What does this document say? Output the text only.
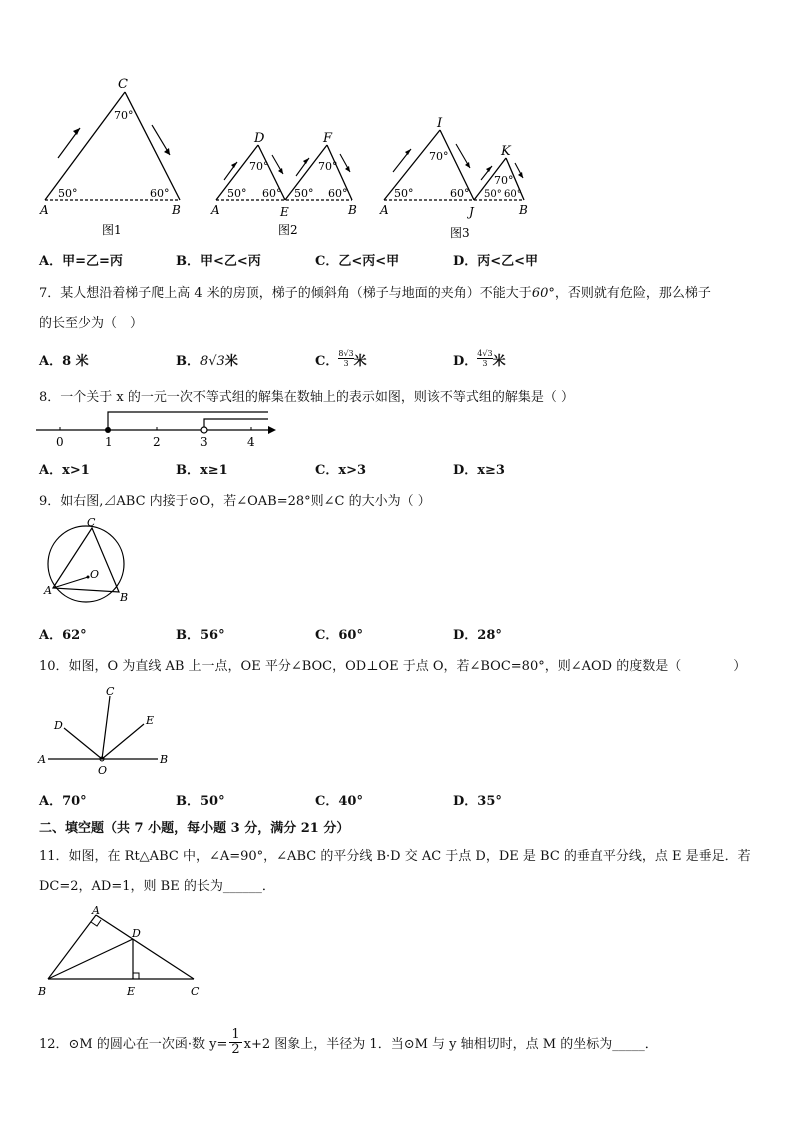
C
70°
50°	60°
A	B
图1
D	F
70°	70°
50° 60° 50° 60°
A	E	B
图2
I
K
70°
70°
50°	60° 50° 60°
A	J	B
图3
A．甲=乙=丙	B．甲<乙<丙	C．乙<丙<甲	D．丙<乙<甲
7．某人想沿着梯子爬上高 4 米的房顶，梯子的倾斜角（梯子与地面的夹角）不能大于60°，否则就有危险，那么梯子
的长至少为（　）
A．8 米	B．8√3米	C． $\frac{8√3}{3}$ 米	D． $\frac{4√3}{3}$ 米
8．一个关于 x 的一元一次不等式组的解集在数轴上的表示如图，则该不等式组的解集是（ ）
0	1	2	3	4
A．x>1	B．x≥1	C．x>3	D．x≥3
9．如右图,⊿ABC 内接于⊙O，若∠OAB=28°则∠C 的大小为（ ）
C
O
A
B
A．62°	B．56°	C．60°	D．28°
10．如图，O 为直线 AB 上一点，OE 平分∠BOC，OD⊥OE 于点 O，若∠BOC=80°，则∠AOD 的度数是（　　　　）
C
D	E
A
O
B
A．70°	B．50°	C．40°	D．35°
二、填空题（共 7 小题，每小题 3 分，满分 21 分）
11．如图，在 Rt△ABC 中，∠A=90°，∠ABC 的平分线 B·D 交 AC 于点 D，DE 是 BC 的垂直平分线，点 E 是垂足．若
DC=2，AD=1，则 BE 的长为______．
A
D
B	E	C
12．⊙M 的圆心在一次函·数 $y= \frac{1}{2} x+2$ 图象上，半径为 1．当⊙M 与 y 轴相切时，点 M 的坐标为_____．
